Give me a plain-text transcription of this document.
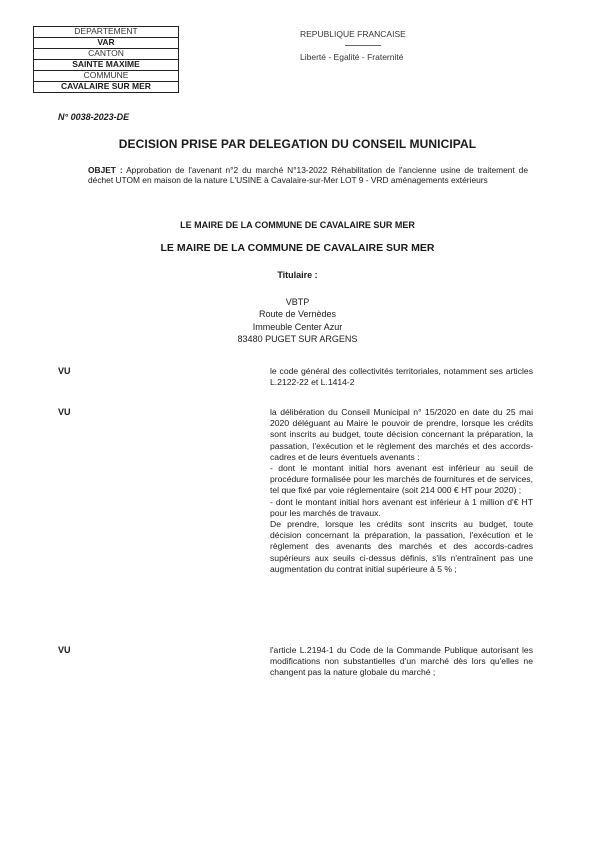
DEPARTEMENT
VAR
CANTON
SAINTE MAXIME
COMMUNE
CAVALAIRE SUR MER
REPUBLIQUE FRANCAISE
Liberté - Egalité - Fraternité
N° 0038-2023-DE
DECISION PRISE PAR DELEGATION DU CONSEIL MUNICIPAL
OBJET : Approbation de l'avenant n°2 du marché N°13-2022 Réhabilitation de l'ancienne usine de traitement de déchet UTOM en maison de la nature L'USINE à Cavalaire-sur-Mer LOT 9 - VRD aménagements extérieurs
LE MAIRE DE LA COMMUNE DE CAVALAIRE SUR MER
LE MAIRE DE LA COMMUNE DE CAVALAIRE SUR MER
Titulaire :
VBTP
Route de Vernèdes
Immeuble Center Azur
83480 PUGET SUR ARGENS
VU	le code général des collectivités territoriales, notamment ses articles L.2122-22 et L.1414-2

VU	la délibération du Conseil Municipal n° 15/2020 en date du 25 mai 2020 déléguant au Maire le pouvoir de prendre, lorsque les crédits sont inscrits au budget, toute décision concernant la préparation, la passation, l'exécution et le règlement des marchés et des accords-cadres et de leurs éventuels avenants :

- dont le montant initial hors avenant est inférieur au seuil de procédure formalisée pour les marchés de fournitures et de services, tel que fixé par voie réglementaire (soit 214 000 € HT pour 2020) ;

- dont le montant initial hors avenant est inférieur à 1 million d'€ HT pour les marchés de travaux.

De prendre, lorsque les crédits sont inscrits au budget, toute décision concernant la préparation, la passation, l'exécution et le règlement des avenants des marchés et des accords-cadres supérieurs aux seuils ci-dessus définis, s'ils n'entraînent pas une augmentation du contrat initial supérieure à 5 % ;

VU	l'article L.2194-1 du Code de la Commande Publique autorisant les modifications non substantielles d'un marché dès lors qu'elles ne changent pas la nature globale du marché ;
